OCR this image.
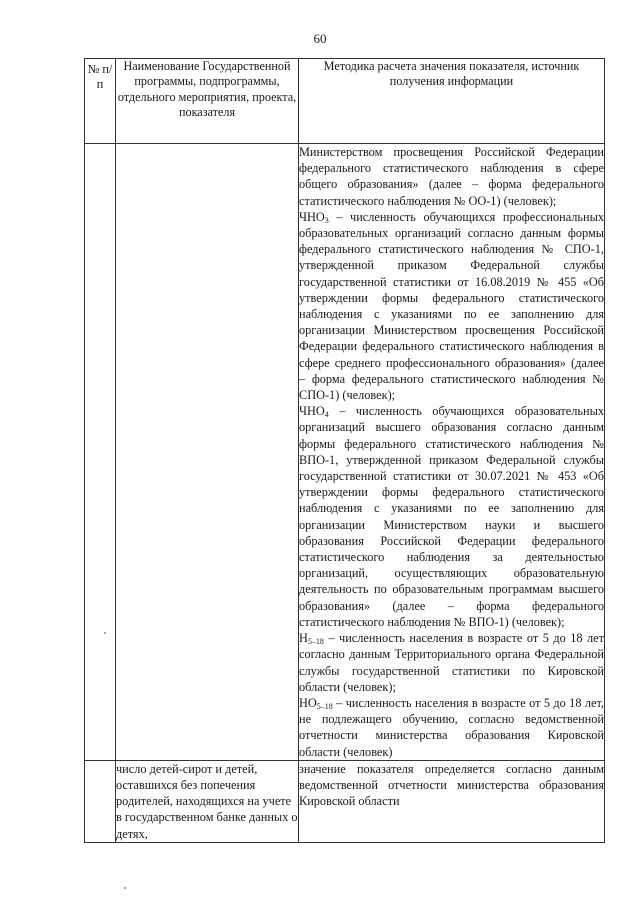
60
№ п/п	Наименование Государственной программы, подпрограммы, отдельного мероприятия, проекта, показателя	Методика расчета значения показателя, источник получения информации

		Министерством просвещения Российской Федерации федерального статистического наблюдения в сфере общего образования» (далее – форма федерального статистического наблюдения № ОО-1) (человек);

$ЧНО_3$ – численность обучающихся профессиональных образовательных организаций согласно данным формы федерального статистического наблюдения № СПО-1, утвержденной приказом Федеральной службы государственной статистики от 16.08.2019 № 455 «Об утверждении формы федерального статистического наблюдения с указаниями по ее заполнению для организации Министерством просвещения Российской Федерации федерального статистического наблюдения в сфере среднего профессионального образования» (далее – форма федерального статистического наблюдения № СПО-1) (человек);

$ЧНО_4$ – численность обучающихся образовательных организаций высшего образования согласно данным формы федерального статистического наблюдения № ВПО-1, утвержденной приказом Федеральной службы государственной статистики от 30.07.2021 № 453 «Об утверждении формы федерального статистического наблюдения с указаниями по ее заполнению для организации Министерством науки и высшего образования Российской Федерации федерального статистического наблюдения за деятельностью организаций, осуществляющих образовательную деятельность по образовательным программам высшего образования» (далее – форма федерального статистического наблюдения № ВПО-1) (человек);

$Н_{5-18}$ – численность населения в возрасте от 5 до 18 лет согласно данным Территориального органа Федеральной службы государственной статистики по Кировской области (человек);

$НО_{5-18}$ – численность населения в возрасте от 5 до 18 лет, не подлежащего обучению, согласно ведомственной отчетности министерства образования Кировской области (человек)

	число детей-сирот и детей, оставшихся без попечения родителей, находящихся на учете в государственном банке данных о детях,	значение показателя определяется согласно данным ведомственной отчетности министерства образования Кировской области
